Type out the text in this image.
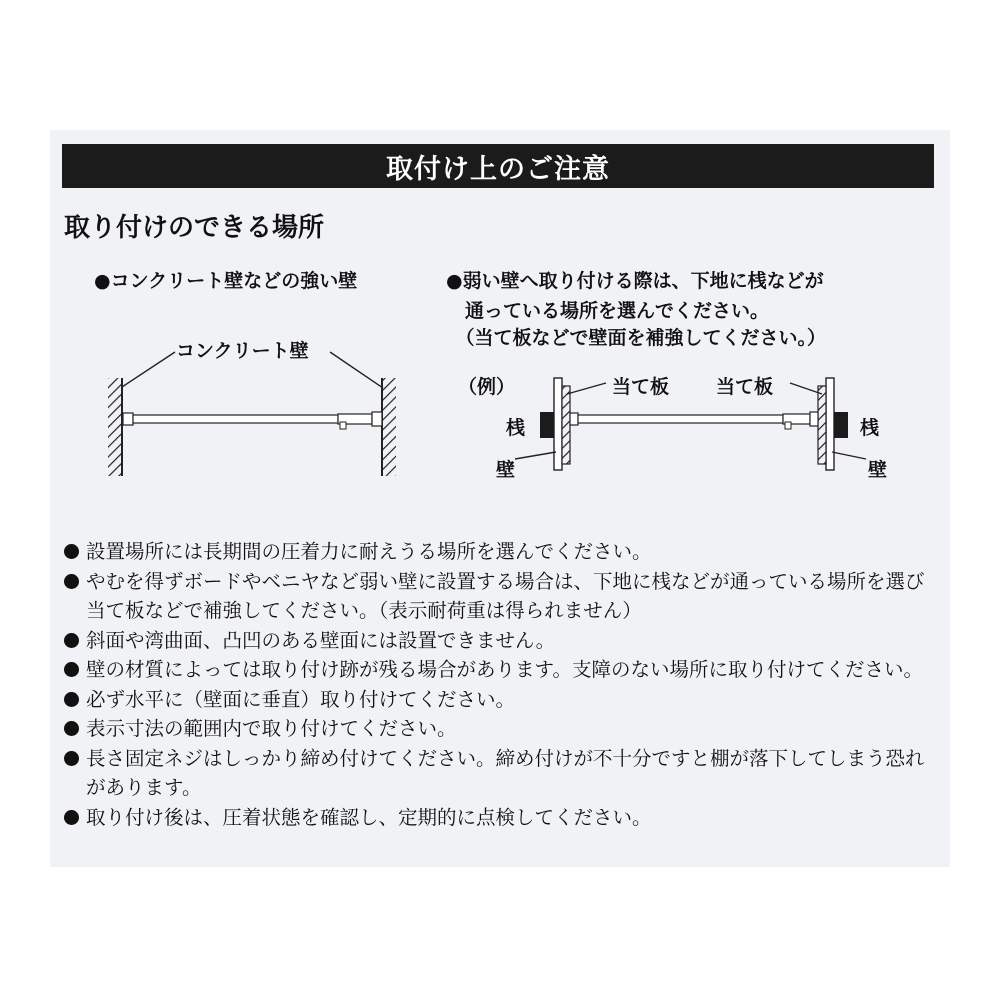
取付け上のご注意
取り付けのできる場所
●コンクリート壁などの強い壁
コンクリート壁
●弱い壁へ取り付ける際は、下地に桟などが
　通っている場所を選んでください。
　（当て板などで壁面を補強してください。）
（例）	当て板 当て板
桟	桟
壁	壁
設置場所には長期間の圧着力に耐えうる場所を選んでください。
やむを得ずボードやベニヤなど弱い壁に設置する場合は、下地に桟などが通っている場所を選び当て板などで補強してください。（表示耐荷重は得られません）
斜面や湾曲面、凸凹のある壁面には設置できません。
壁の材質によっては取り付け跡が残る場合があります。支障のない場所に取り付けてください。
必ず水平に（壁面に垂直）取り付けてください。
表示寸法の範囲内で取り付けてください。
長さ固定ネジはしっかり締め付けてください。締め付けが不十分ですと棚が落下してしまう恐れがあります。
取り付け後は、圧着状態を確認し、定期的に点検してください。
